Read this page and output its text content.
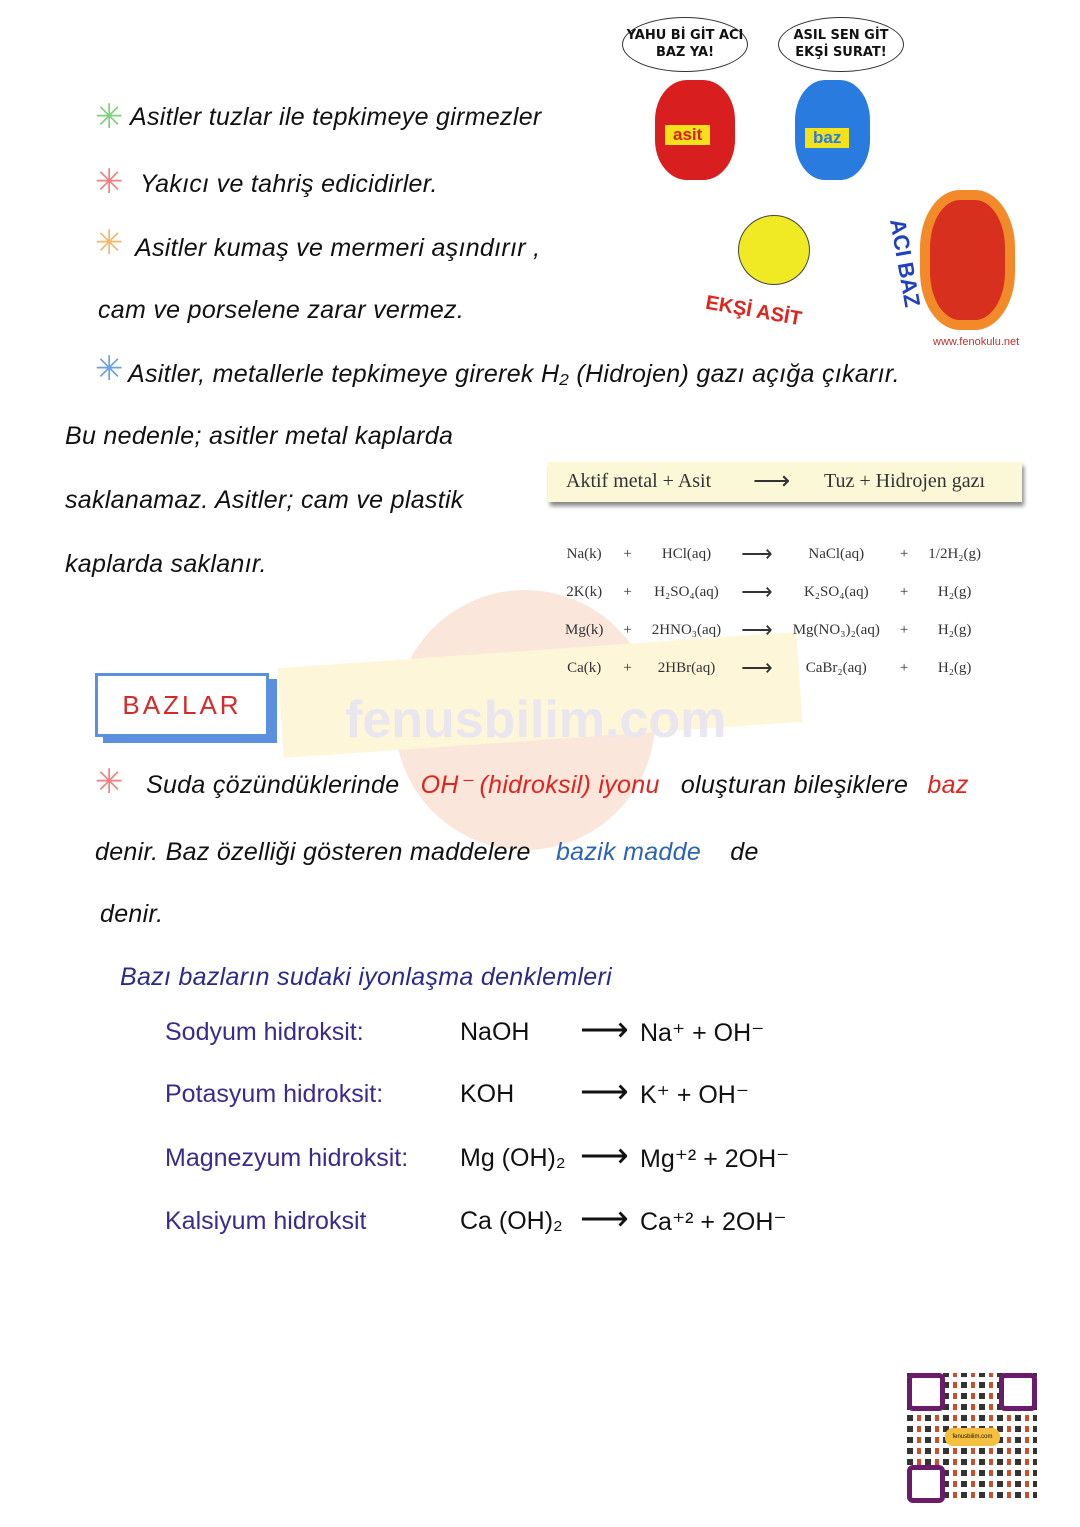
fenusbilim.com
✳ Asitler tuzlar ile tepkimeye girmezler
✳ Yakıcı ve tahriş edicidirler.
✳ Asitler kumaş ve mermeri aşındırır ,
cam ve porselene zarar vermez.
✳ Asitler, metallerle tepkimeye girerek H₂ (Hidrojen) gazı açığa çıkarır.
Bu nedenle; asitler metal kaplarda
saklanamaz. Asitler; cam ve plastik
kaplarda saklanır.
YAHU Bİ GİT ACI BAZ YA!
ASIL SEN GİT EKŞİ SURAT!
asit	baz
EKŞİ ASİT
ACI BAZ
www.fenokulu.net
Aktif metal + Asit ⟶ Tuz + Hidrojen gazı
Na(k)	+	HCl(aq)	⟶	NaCl(aq)	+	1/2H₂(g)
2K(k)	+	H₂SO₄(aq)	⟶	K₂SO₄(aq)	+	H₂(g)
Mg(k)	+	2HNO₃(aq)	⟶	Mg(NO₃)₂(aq)	+	H₂(g)
Ca(k)	+	2HBr(aq)	⟶	CaBr₂(aq)	+	H₂(g)
BAZLAR
✳ Suda çözündüklerinde OH⁻ (hidroksil) iyonu oluşturan bileşiklere baz
denir. Baz özelliği gösteren maddelere bazik madde de
denir.
Bazı bazların sudaki iyonlaşma denklemleri
Sodyum hidroksit:	NaOH ⟶ Na⁺ + OH⁻
Potasyum hidroksit:	KOH ⟶ K⁺ + OH⁻
Magnezyum hidroksit: Mg (OH)₂ ⟶ Mg⁺² + 2OH⁻
Kalsiyum hidroksit	Ca (OH)₂ ⟶ Ca⁺² + 2OH⁻
fenusbilim.com
